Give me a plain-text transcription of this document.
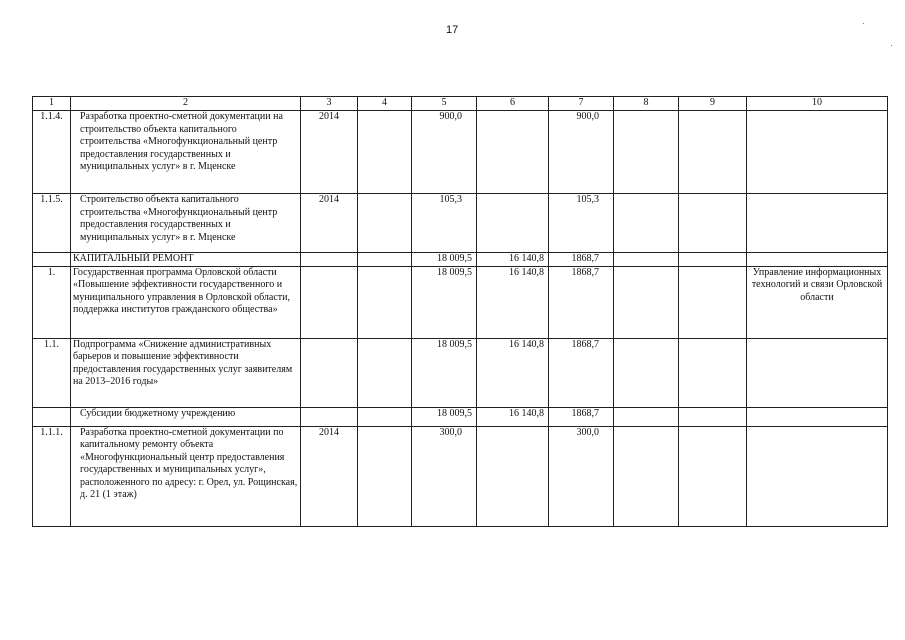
17
1	2	3	4	5	6	7	8	9	10
1.1.4.	Разработка проектно-сметной документации на строительство объекта капитального строительства «Многофункциональный центр предоставления государственных и муниципальных услуг» в г. Мценске	2014		900,0		900,0			
1.1.5.	Строительство объекта капитального строительства «Многофункциональный центр предоставления государственных и муниципальных услуг» в г. Мценске	2014		105,3		105,3			
	КАПИТАЛЬНЫЙ РЕМОНТ			18 009,5	16 140,8	1868,7			
1.	Государственная программа Орловской области «Повышение эффективности государственного и муниципального управления в Орловской области, поддержка институтов гражданского общества»			18 009,5	16 140,8	1868,7			Управление информационных технологий и связи Орловской области
1.1.	Подпрограмма «Снижение административных барьеров и повышение эффективности предоставления государственных услуг заявителям на 2013–2016 годы»			18 009,5	16 140,8	1868,7			
	Субсидии бюджетному учреждению			18 009,5	16 140,8	1868,7			
1.1.1.	Разработка проектно-сметной документации по капитальному ремонту объекта «Многофункциональный центр предоставления государственных и муниципальных услуг», расположенного по адресу: г. Орел, ул. Рощинская, д. 21 (1 этаж)	2014		300,0		300,0			
·
·
